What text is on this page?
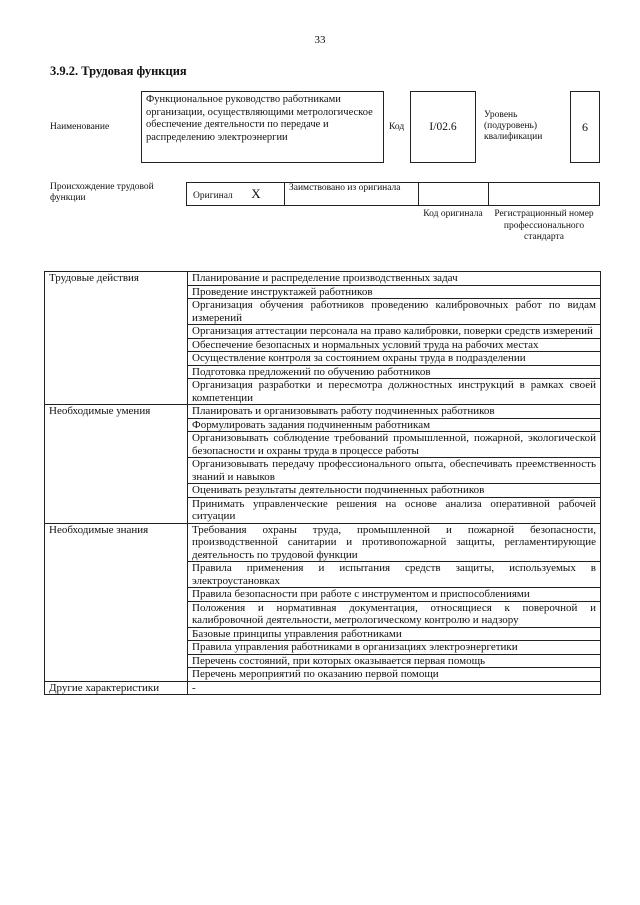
33
3.9.2. Трудовая функция
Наименование
Функциональное руководство работниками организации, осуществляющими метрологическое обеспечение деятельности по передаче и распределению электроэнергии
Код I/02.6
Уровень (подуровень) квалификации
6
Происхождение трудовой функции	Оригинал X	Заимствовано из оригинала
Код оригинала	Регистрационный номер профессионального стандарта
Трудовые действия	Планирование и распределение производственных задач
	Проведение инструктажей работников
	Организация обучения работников проведению калибровочных работ по видам измерений
	Организация аттестации персонала на право калибровки, поверки средств измерений
	Обеспечение безопасных и нормальных условий труда на рабочих местах
	Осуществление контроля за состоянием охраны труда в подразделении
	Подготовка предложений по обучению работников
	Организация разработки и пересмотра должностных инструкций в рамках своей компетенции
Необходимые умения	Планировать и организовывать работу подчиненных работников
	Формулировать задания подчиненным работникам
	Организовывать соблюдение требований промышленной, пожарной, экологической безопасности и охраны труда в процессе работы
	Организовывать передачу профессионального опыта, обеспечивать преемственность знаний и навыков
	Оценивать результаты деятельности подчиненных работников
	Принимать управленческие решения на основе анализа оперативной рабочей ситуации
Необходимые знания	Требования охраны труда, промышленной и пожарной безопасности, производственной санитарии и противопожарной защиты, регламентирующие деятельность по трудовой функции
	Правила применения и испытания средств защиты, используемых в электроустановках
	Правила безопасности при работе с инструментом и приспособлениями
	Положения и нормативная документация, относящиеся к поверочной и калибровочной деятельности, метрологическому контролю и надзору
	Базовые принципы управления работниками
	Правила управления работниками в организациях электроэнергетики
	Перечень состояний, при которых оказывается первая помощь
	Перечень мероприятий по оказанию первой помощи
Другие характеристики	-
